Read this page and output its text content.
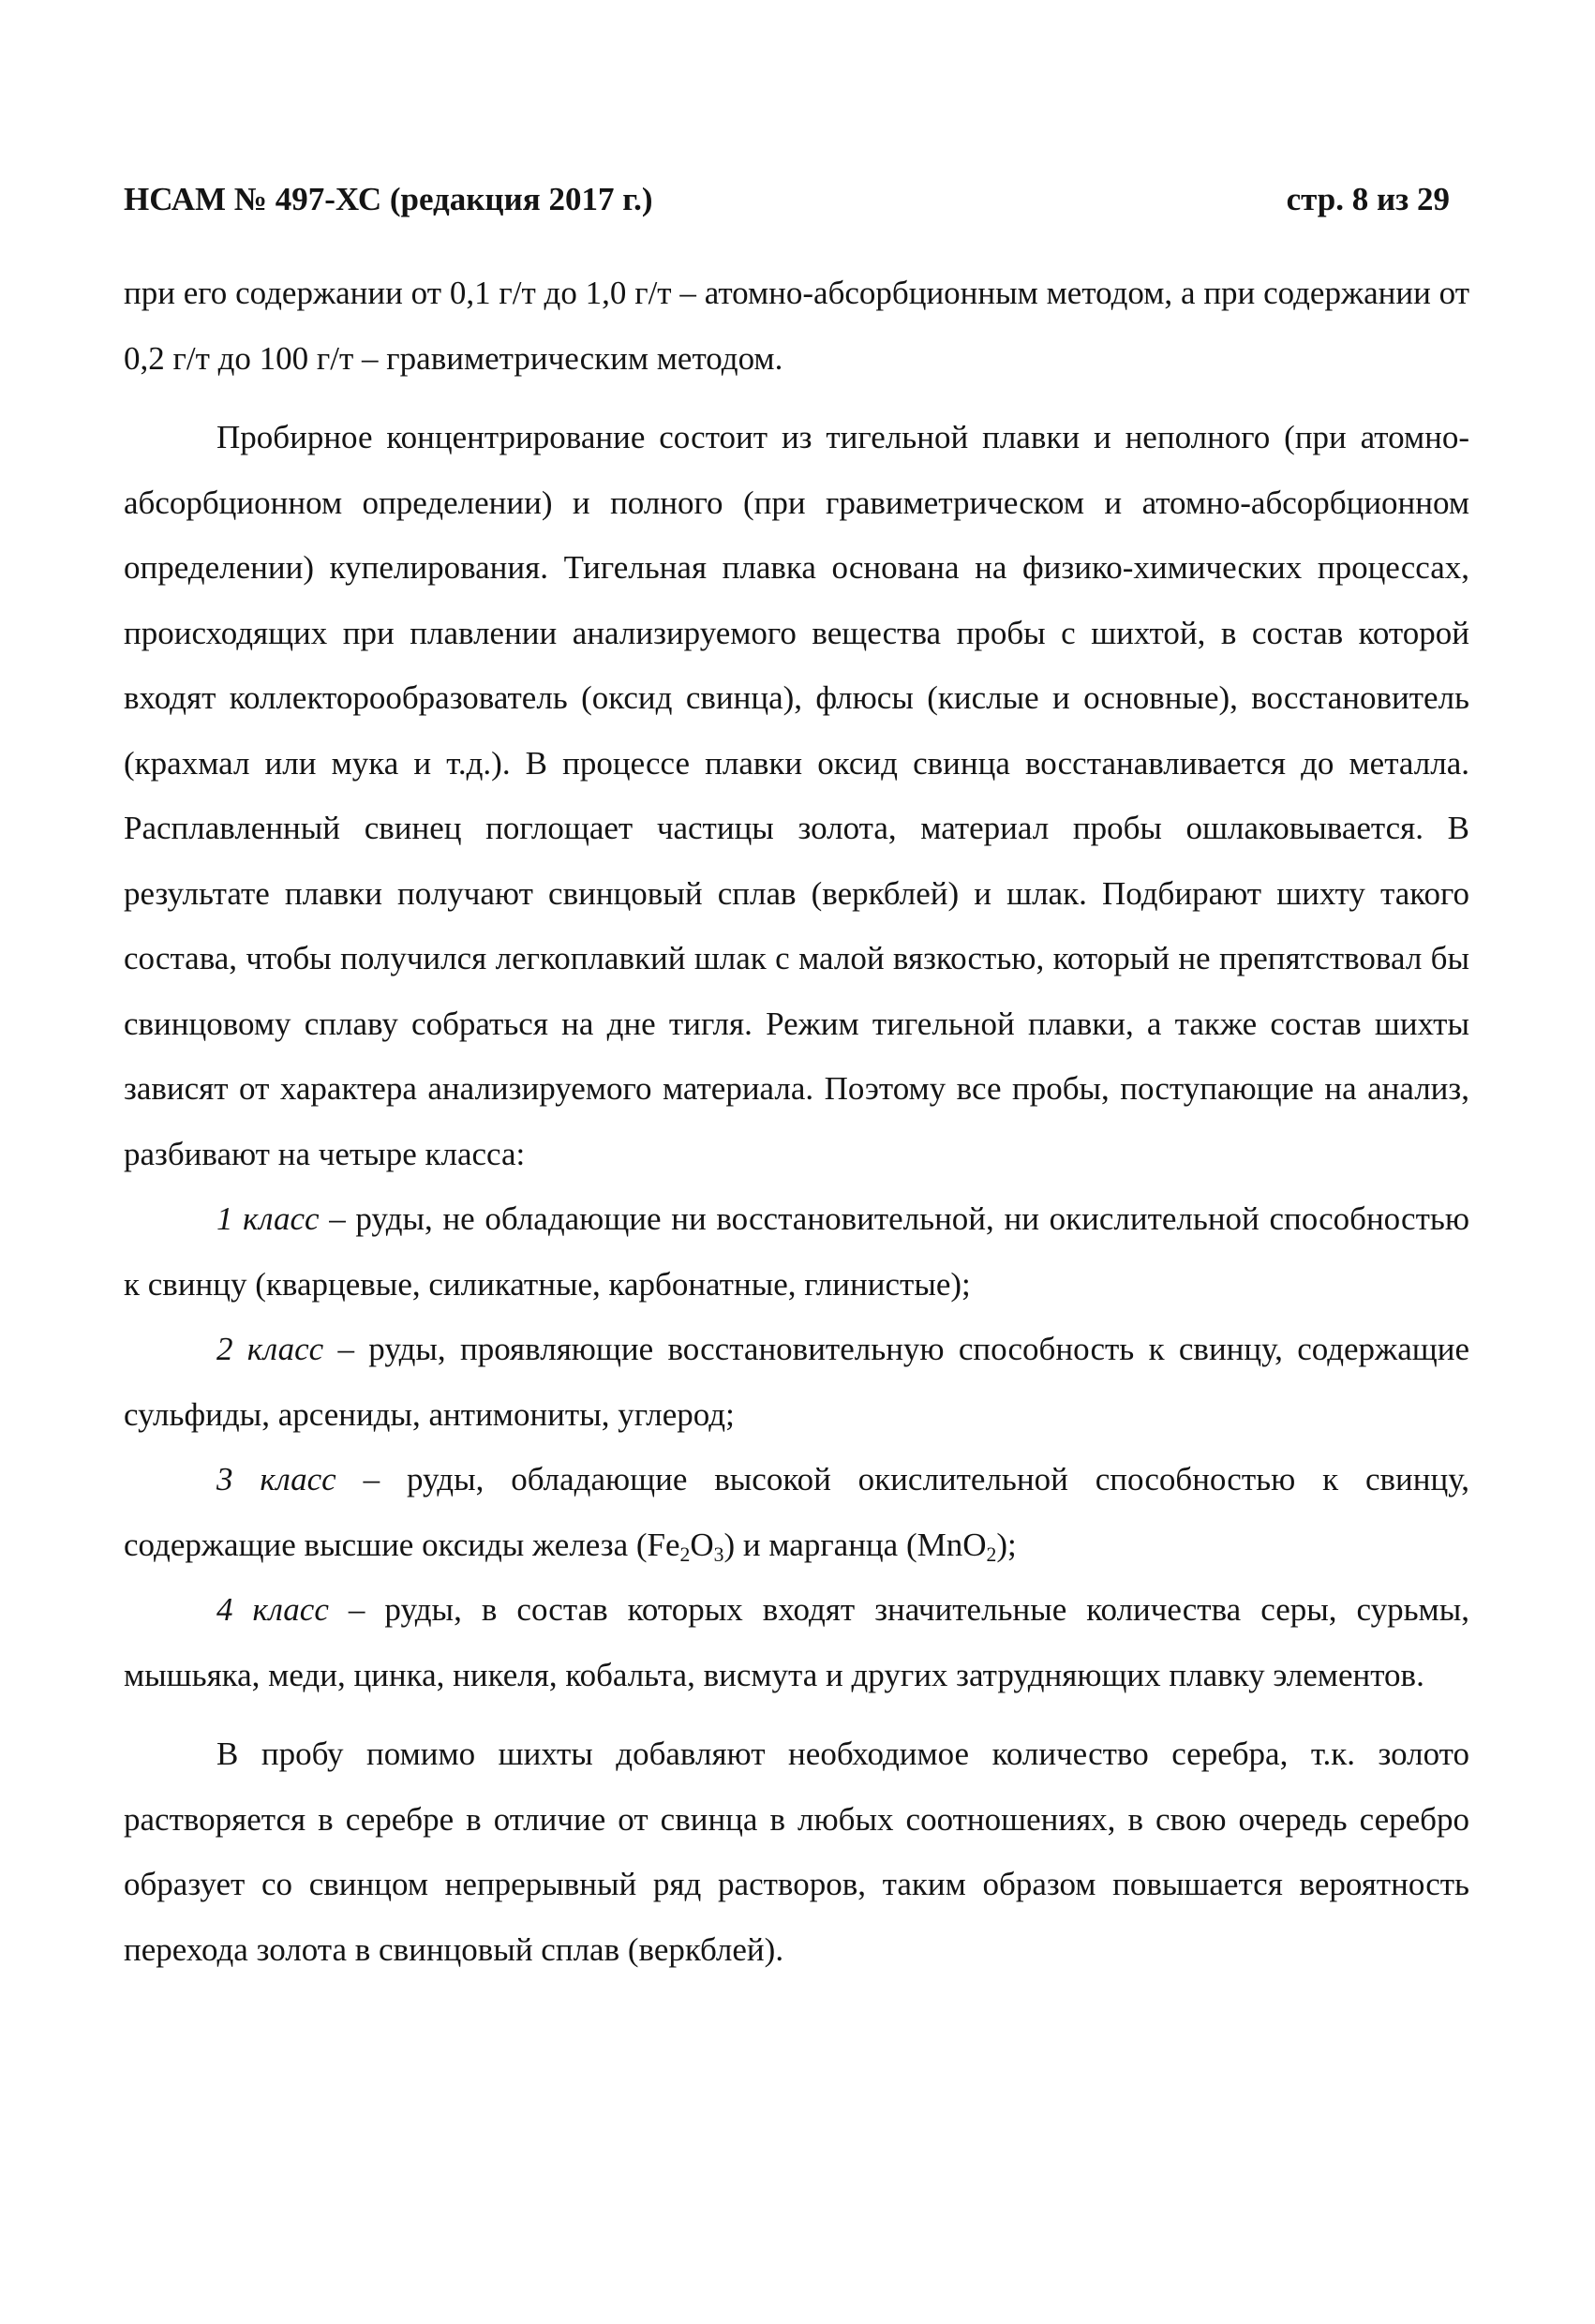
НСАМ № 497-ХС (редакция 2017 г.)	стр. 8 из 29

при его содержании от 0,1 г/т до 1,0 г/т – атомно-абсорбционным методом, а при содержании от 0,2 г/т до 100 г/т – гравиметрическим методом.

Пробирное концентрирование состоит из тигельной плавки и неполного (при атомно-абсорбционном определении) и полного (при гравиметрическом и атомно-абсорбционном определении) купелирования. Тигельная плавка основана на физико-химических процессах, происходящих при плавлении анализируемого вещества пробы с шихтой, в состав которой входят коллекторообразователь (оксид свинца), флюсы (кислые и основные), восстановитель (крахмал или мука и т.д.). В процессе плавки оксид свинца восстанавливается до металла. Расплавленный свинец поглощает частицы золота, материал пробы ошлаковывается. В результате плавки получают свинцовый сплав (веркблей) и шлак. Подбирают шихту такого состава, чтобы получился легкоплавкий шлак с малой вязкостью, который не препятствовал бы свинцовому сплаву собраться на дне тигля. Режим тигельной плавки, а также состав шихты зависят от характера анализируемого материала. Поэтому все пробы, поступающие на анализ, разбивают на четыре класса:

1 класс – руды, не обладающие ни восстановительной, ни окислительной способностью к свинцу (кварцевые, силикатные, карбонатные, глинистые);

2 класс – руды, проявляющие восстановительную способность к свинцу, содержащие сульфиды, арсениды, антимониты, углерод;

3 класс – руды, обладающие высокой окислительной способностью к свинцу, содержащие высшие оксиды железа $(Fe_2O_3)$ и марганца (MnO$_2$);

4 класс – руды, в состав которых входят значительные количества серы, сурьмы, мышьяка, меди, цинка, никеля, кобальта, висмута и других затрудняющих плавку элементов.

В пробу помимо шихты добавляют необходимое количество серебра, т.к. золото растворяется в серебре в отличие от свинца в любых соотношениях, в свою очередь серебро образует со свинцом непрерывный ряд растворов, таким образом повышается вероятность перехода золота в свинцовый сплав (веркблей).
